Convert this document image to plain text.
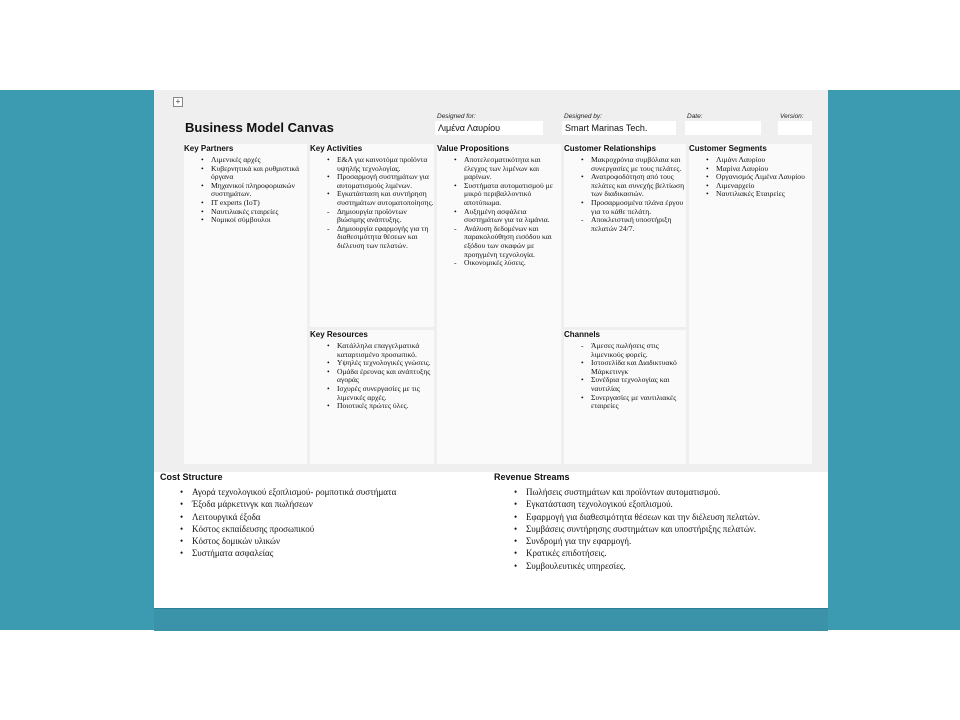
+
Business Model Canvas
Designed for:
Λιμένα Λαυρίου
Designed by:
Smart Marinas Tech.
Date:	Version:
Key Partners
• Λιμενικές αρχές
• Κυβερνητικά και ρυθμιστικά όργανα
• Μηχανικοί πληροφοριακών συστημάτων.
• IT experts (IoT)
• Ναυτιλιακές εταιρείες
• Νομικοί σύμβουλοι
Key Activities
• Ε&Α για καινοτόμα προϊόντα υψηλής τεχνολογίας.
• Προσαρμογή συστημάτων για αυτοματισμούς λιμένων.
• Εγκατάσταση και συντήρηση συστημάτων αυτοματοποίησης.
- Δημιουργία προϊόντων βιώσιμης ανάπτυξης.
- Δημιουργία εφαρμογής για τη διαθεσιμότητα θέσεων και διέλευση των πελατών.
Key Resources
• Κατάλληλα επαγγελματικά καταρτισμένο προσωπικό.
• Υψηλές τεχνολογικές γνώσεις.
• Ομάδα έρευνας και ανάπτυξης αγοράς
• Ισχυρές συνεργασίες με τις λιμενικές αρχές.
• Ποιοτικές πρώτες ύλες.
Value Propositions
• Αποτελεσματικότητα και έλεγχος των λιμένων και μαρίνων.
• Συστήματα αυτοματισμού με μικρό περιβαλλοντικό αποτύπωμα.
• Αυξημένη ασφάλεια συστημάτων για τα λιμάνια.
- Ανάλυση δεδομένων και παρακολούθηση εισόδου και εξόδου των σκαφών με προηγμένη τεχνολογία.
- Οικονομικές λύσεις.
Customer Relationships
• Μακροχρόνια συμβόλαια και συνεργασίες με τους πελάτες.
• Ανατροφοδότηση από τους πελάτες και συνεχής βελτίωση των διαδικασιών.
• Προσαρμοσμένα πλάνα έργου για το κάθε πελάτη.
- Αποκλειστική υποστήριξη πελατών 24/7.
Channels
- Άμεσες πωλήσεις στις λιμενικούς φορείς.
• Ιστοσελίδα και Διαδικτυακό Μάρκετινγκ
• Συνέδρια τεχνολογίας και ναυτιλίας
• Συνεργασίες με ναυτιλιακές εταιρείες
Customer Segments
• Λιμάνι Λαυρίου
• Μαρίνα Λαυρίου
• Οργανισμός Λιμένα Λαυρίου
• Λιμεναρχείο
• Ναυτιλιακές Εταιρείες
Cost Structure
• Αγορά τεχνολογικού εξοπλισμού- ρομποτικά συστήματα
• Έξοδα μάρκετινγκ και πωλήσεων
• Λειτουργικά έξοδα
• Κόστος εκπαίδευσης προσωπικού
• Κόστος δομικών υλικών
• Συστήματα ασφαλείας
Revenue Streams
• Πωλήσεις συστημάτων και προϊόντων αυτοματισμού.
• Εγκατάσταση τεχνολογικού εξοπλισμού.
• Εφαρμογή για διαθεσιμότητα θέσεων και την διέλευση πελατών.
• Συμβάσεις συντήρησης συστημάτων και υποστήριξης πελατών.
• Συνδρομή για την εφαρμογή.
• Κρατικές επιδοτήσεις.
• Συμβουλευτικές υπηρεσίες.
